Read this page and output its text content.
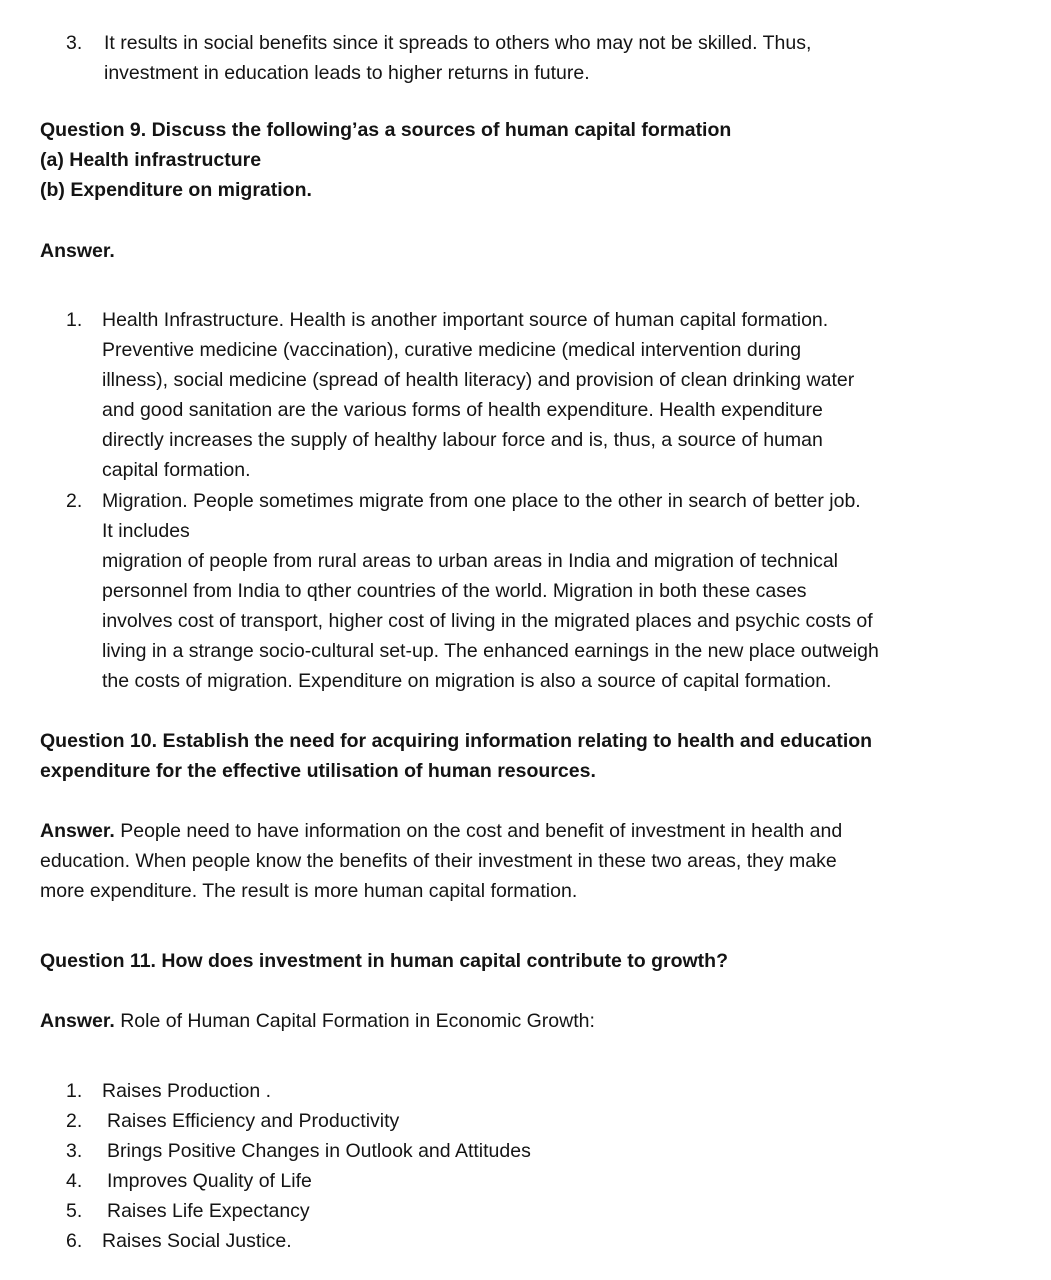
3.	It results in social benefits since it spreads to others who may not be skilled. Thus,
investment in education leads to higher returns in future.
Question 9. Discuss the following’as a sources of human capital formation
(a) Health infrastructure
(b) Expenditure on migration.
Answer.
1.	Health Infrastructure. Health is another important source of human capital formation.
Preventive medicine (vaccination), curative medicine (medical intervention during
illness), social medicine (spread of health literacy) and provision of clean drinking water
and good sanitation are the various forms of health expenditure. Health expenditure
directly increases the supply of healthy labour force and is, thus, a source of human
capital formation.
2.	Migration. People sometimes migrate from one place to the other in search of better job.
It includes
migration of people from rural areas to urban areas in India and migration of technical
personnel from India to qther countries of the world. Migration in both these cases
involves cost of transport, higher cost of living in the migrated places and psychic costs of
living in a strange socio-cultural set-up. The enhanced earnings in the new place outweigh
the costs of migration. Expenditure on migration is also a source of capital formation.
Question 10. Establish the need for acquiring information relating to health and education
expenditure for the effective utilisation of human resources.
Answer. People need to have information on the cost and benefit of investment in health and
education. When people know the benefits of their investment in these two areas, they make
more expenditure. The result is more human capital formation.
Question 11. How does investment in human capital contribute to growth?
Answer. Role of Human Capital Formation in Economic Growth:
1.	Raises Production .
2.	Raises Efficiency and Productivity
3.	Brings Positive Changes in Outlook and Attitudes
4.	Improves Quality of Life
5.	Raises Life Expectancy
6.	Raises Social Justice.
